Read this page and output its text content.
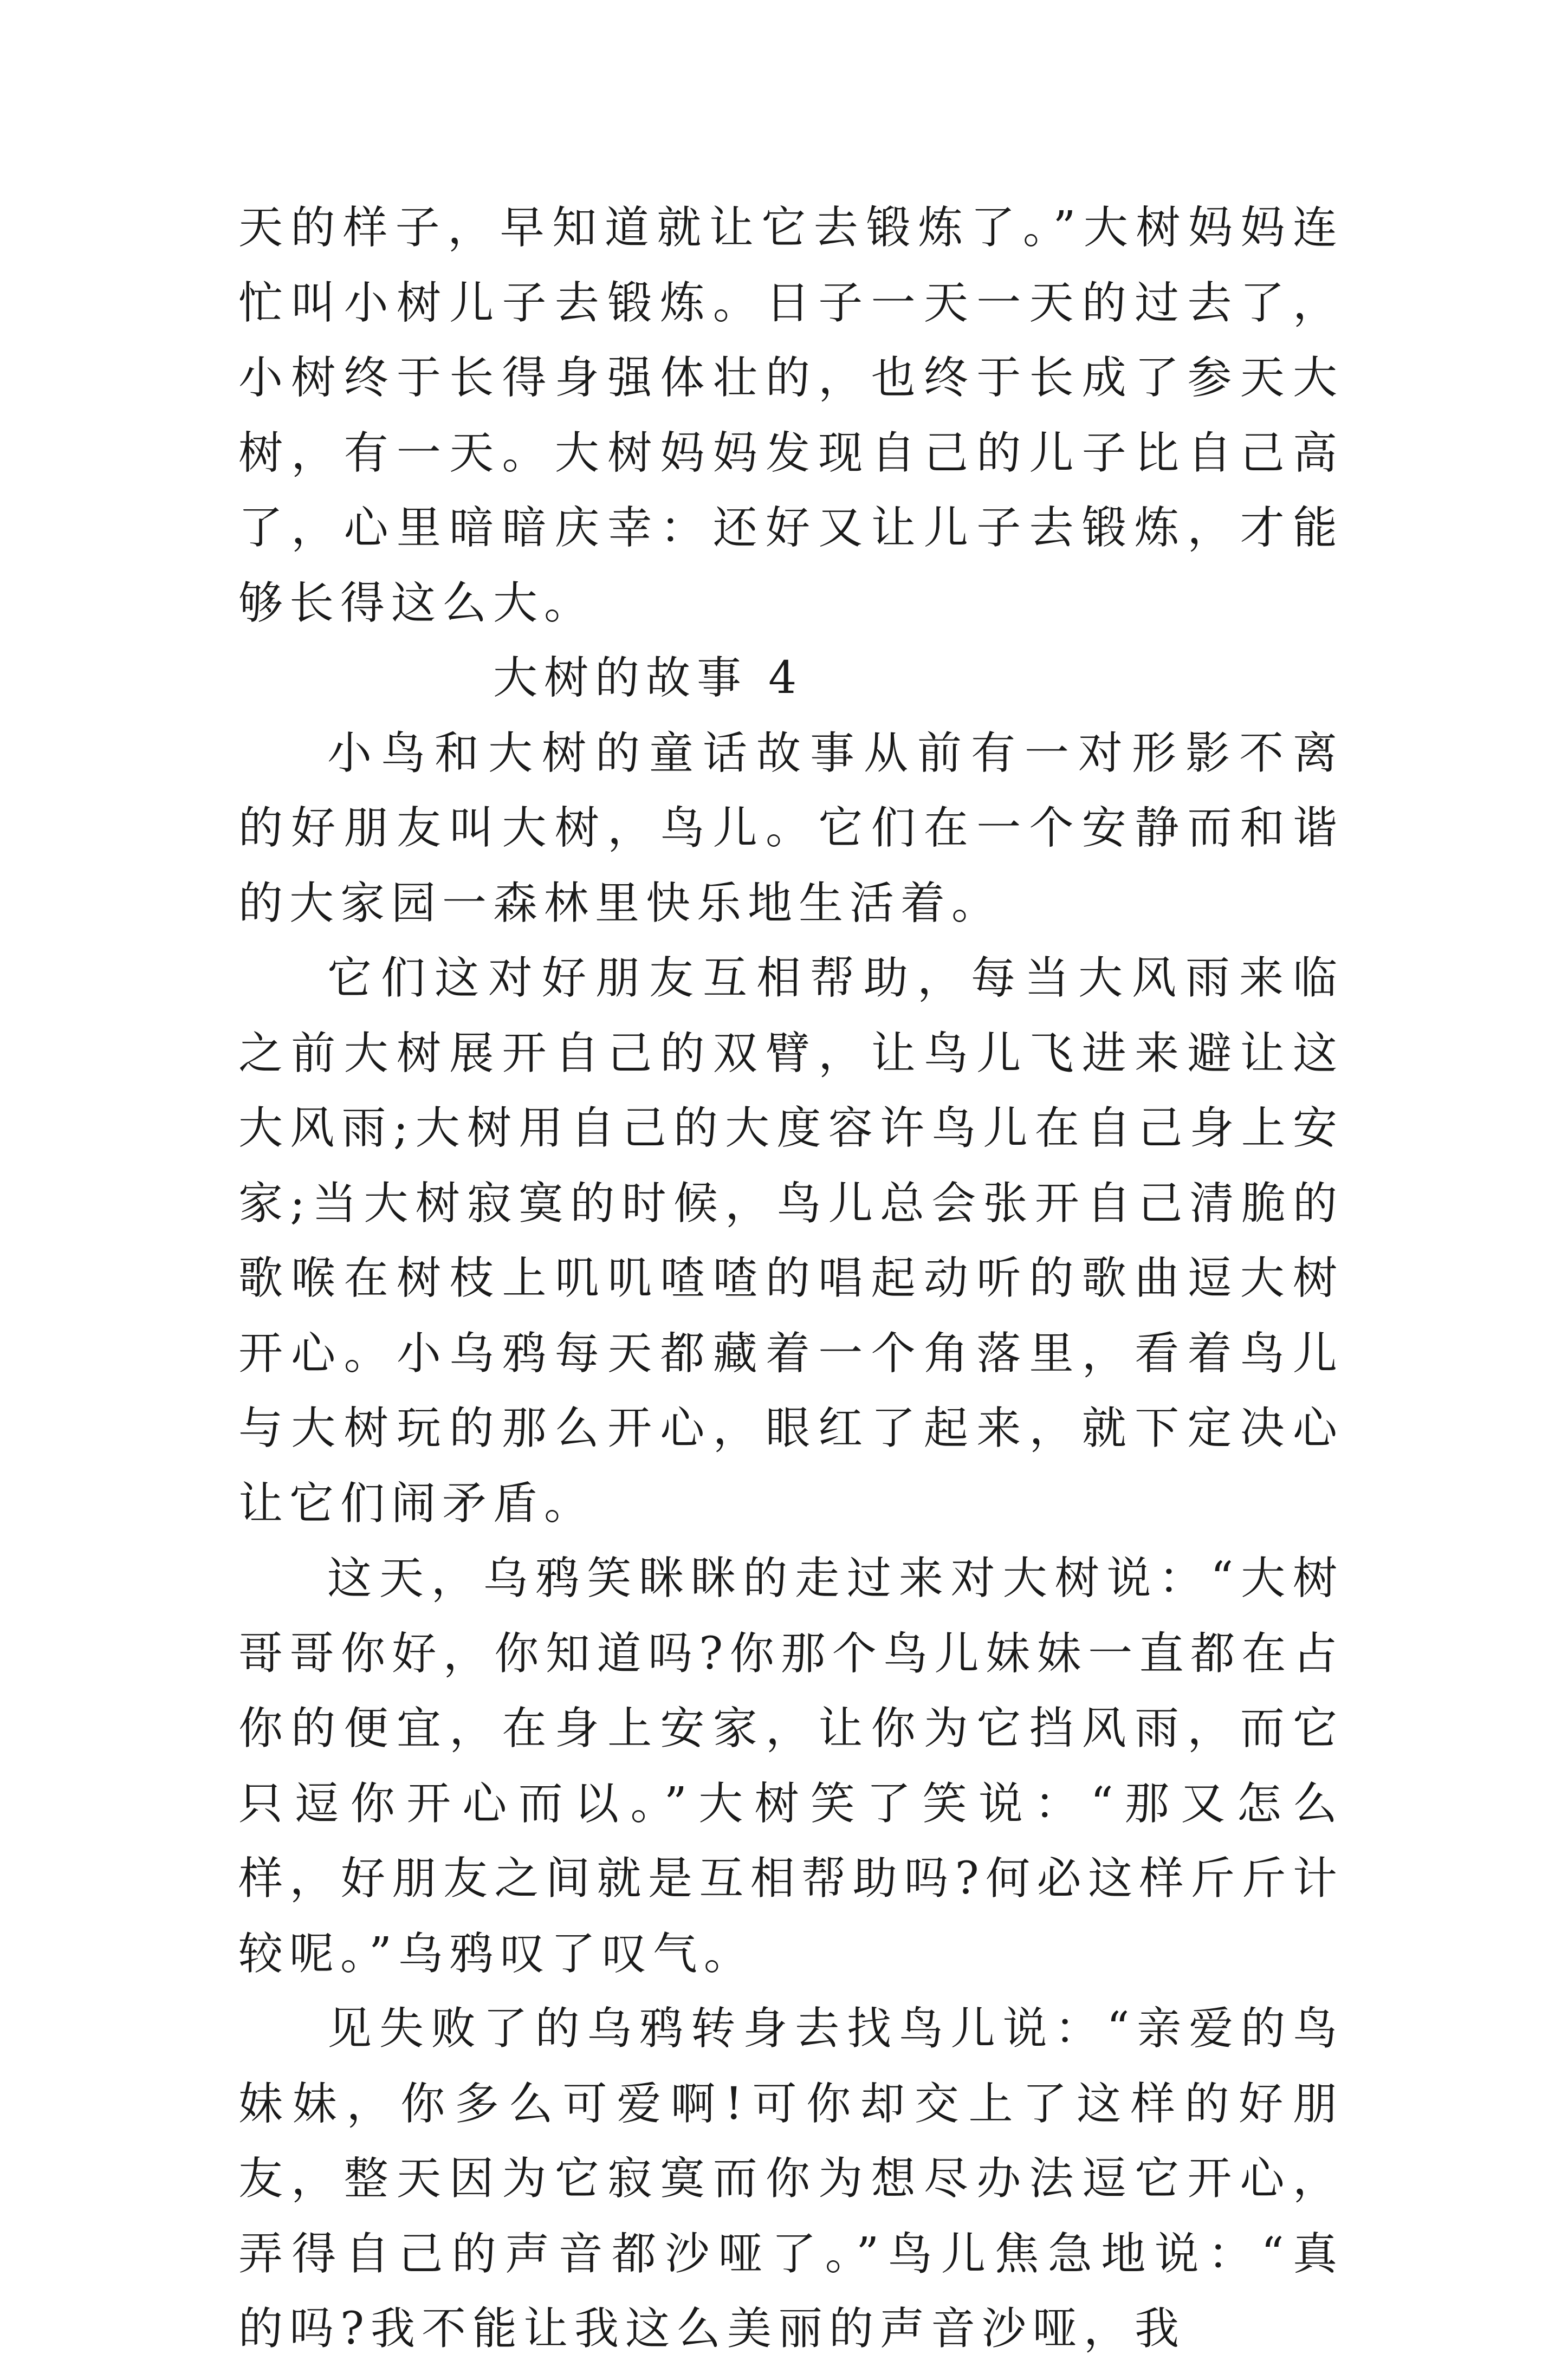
天的样子，早知道就让它去锻炼了。”大树妈妈连忙叫小树儿子去锻炼。日子一天一天的过去了，小树终于长得身强体壮的，也终于长成了参天大树，有一天。大树妈妈发现自己的儿子比自己高了，心里暗暗庆幸：还好又让儿子去锻炼，才能够长得这么大。

大树的故事 4

小鸟和大树的童话故事从前有一对形影不离的好朋友叫大树，鸟儿。它们在一个安静而和谐的大家园一森林里快乐地生活着。

它们这对好朋友互相帮助，每当大风雨来临之前大树展开自己的双臂，让鸟儿飞进来避让这大风雨;大树用自己的大度容许鸟儿在自己身上安家;当大树寂寞的时候，鸟儿总会张开自己清脆的歌喉在树枝上叽叽喳喳的唱起动听的歌曲逗大树开心。小乌鸦每天都藏着一个角落里，看着鸟儿与大树玩的那么开心，眼红了起来，就下定决心让它们闹矛盾。

这天，乌鸦笑眯眯的走过来对大树说：“大树哥哥你好，你知道吗?你那个鸟儿妹妹一直都在占你的便宜，在身上安家，让你为它挡风雨，而它只逗你开心而以。”大树笑了笑说：“那又怎么样，好朋友之间就是互相帮助吗?何必这样斤斤计较呢。”乌鸦叹了叹气。

见失败了的乌鸦转身去找鸟儿说：“亲爱的鸟妹妹，你多么可爱啊!可你却交上了这样的好朋友，整天因为它寂寞而你为想尽办法逗它开心，弄得自己的声音都沙哑了。”鸟儿焦急地说：“真的吗?我不能让我这么美丽的声音沙哑，我
